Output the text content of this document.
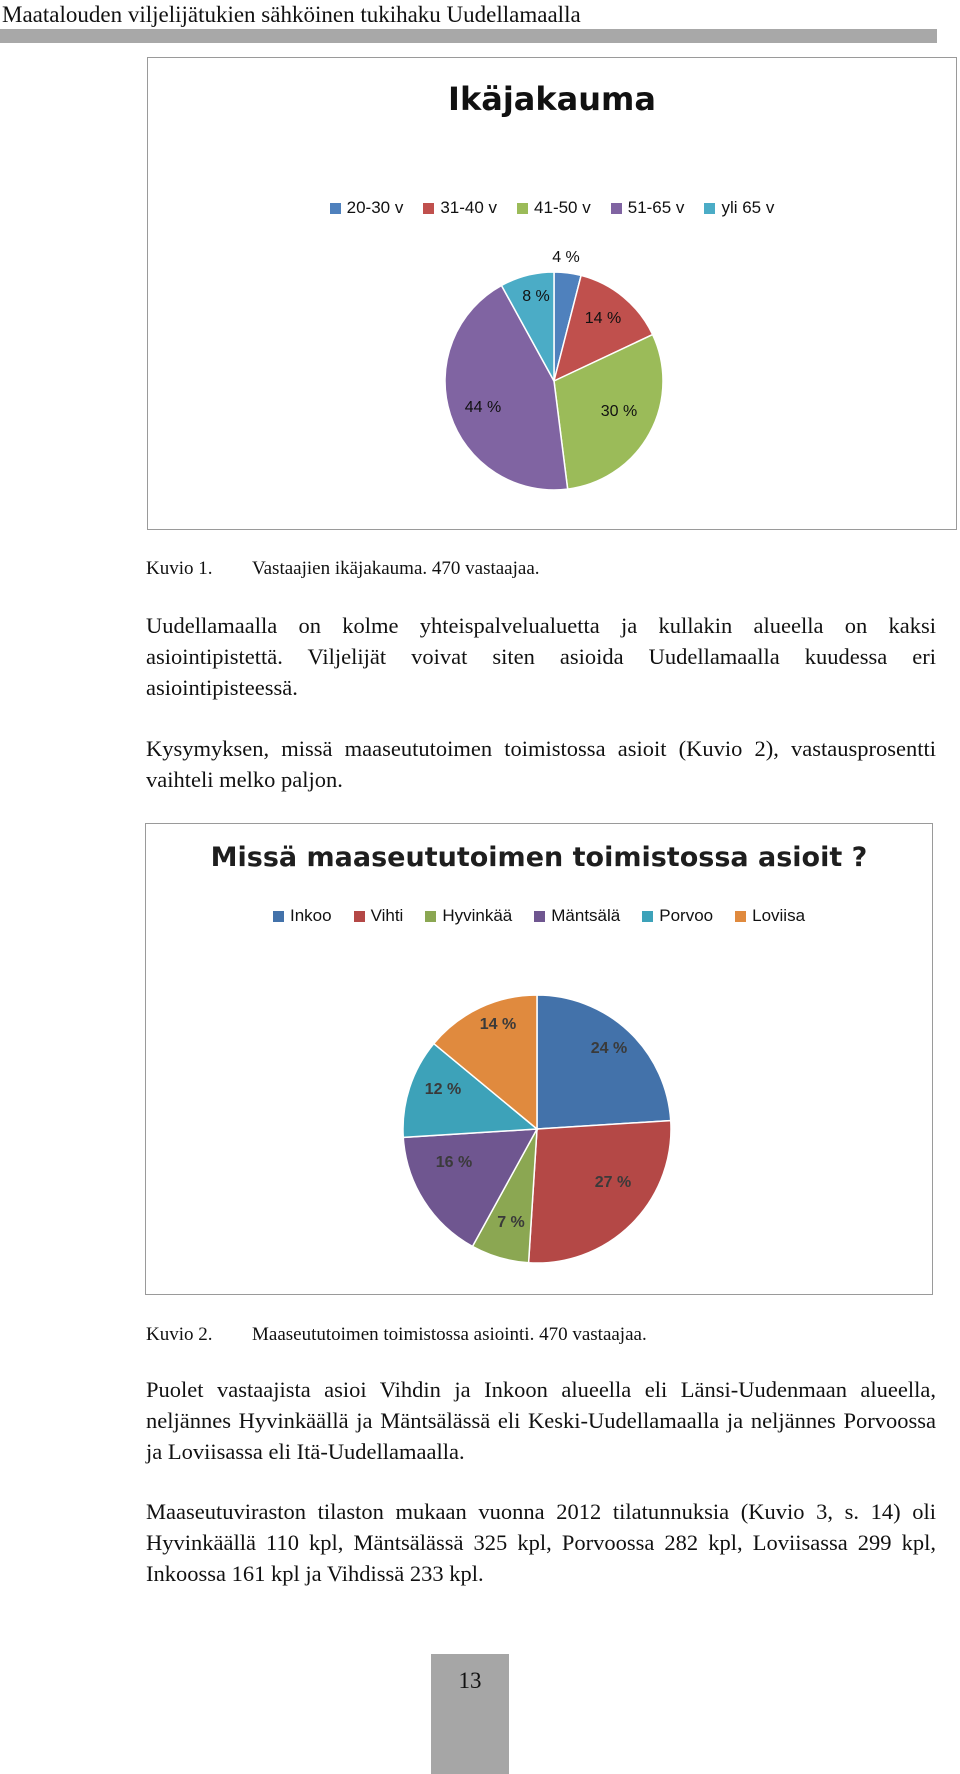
Maatalouden viljelijätukien sähköinen tukihaku Uudellamaalla
Ikäjakauma
20-30 v 31-40 v 41-50 v 51-65 v yli 65 v
4 %
14 %
30 %
44 %
8 %
Kuvio 1. Vastaajien ikäjakauma. 470 vastaajaa.

Uudellamaalla on kolme yhteispalvelualuetta ja kullakin alueella on kaksi asiointipistettä. Viljelijät voivat siten asioida Uudellamaalla kuudessa eri asiointipisteessä.

Kysymyksen, missä maaseututoimen toimistossa asioit (Kuvio 2), vastausprosentti vaihteli melko paljon.

Missä maaseututoimen toimistossa asioit ?
Inkoo Vihti Hyvinkää Mäntsälä Porvoo Loviisa
24 %
27 %
7 %
16 %
12 %
14 %
Kuvio 2. Maaseututoimen toimistossa asiointi. 470 vastaajaa.

Puolet vastaajista asioi Vihdin ja Inkoon alueella eli Länsi-Uudenmaan alueella, neljännes Hyvinkäällä ja Mäntsälässä eli Keski-Uudellamaalla ja neljännes Porvoossa ja Loviisassa eli Itä-Uudellamaalla.

Maaseutuviraston tilaston mukaan vuonna 2012 tilatunnuksia (Kuvio 3, s. 14) oli Hyvinkäällä 110 kpl, Mäntsälässä 325 kpl, Porvoossa 282 kpl, Loviisassa 299 kpl, Inkoossa 161 kpl ja Vihdissä 233 kpl.

13
